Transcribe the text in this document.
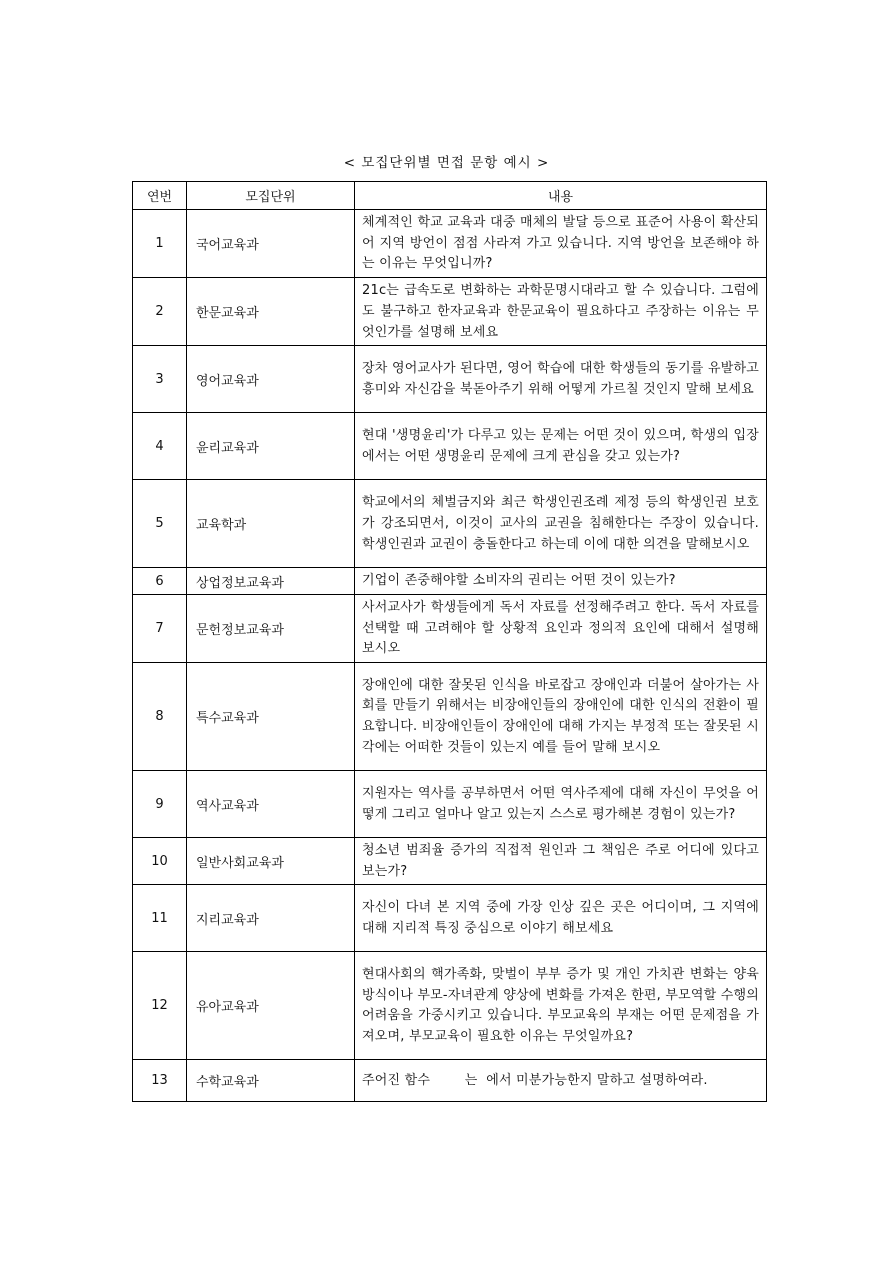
< 모집단위별 면접 문항 예시 >
연번	모집단위	내용
1	국어교육과	체계적인 학교 교육과 대중 매체의 발달 등으로 표준어 사용이 확산되어 지역 방언이 점점 사라져 가고 있습니다. 지역 방언을 보존해야 하는 이유는 무엇입니까?
2	한문교육과	21c는 급속도로 변화하는 과학문명시대라고 할 수 있습니다. 그럼에도 불구하고 한자교육과 한문교육이 필요하다고 주장하는 이유는 무엇인가를 설명해 보세요
3	영어교육과	장차 영어교사가 된다면, 영어 학습에 대한 학생들의 동기를 유발하고 흥미와 자신감을 북돋아주기 위해 어떻게 가르칠 것인지 말해 보세요
4	윤리교육과	현대 '생명윤리'가 다루고 있는 문제는 어떤 것이 있으며, 학생의 입장에서는 어떤 생명윤리 문제에 크게 관심을 갖고 있는가?
5	교육학과	학교에서의 체벌금지와 최근 학생인권조례 제정 등의 학생인권 보호가 강조되면서, 이것이 교사의 교권을 침해한다는 주장이 있습니다. 학생인권과 교권이 충돌한다고 하는데 이에 대한 의견을 말해보시오
6	상업정보교육과	기업이 존중해야할 소비자의 권리는 어떤 것이 있는가?
7	문헌정보교육과	사서교사가 학생들에게 독서 자료를 선정해주려고 한다. 독서 자료를 선택할 때 고려해야 할 상황적 요인과 정의적 요인에 대해서 설명해 보시오
8	특수교육과	장애인에 대한 잘못된 인식을 바로잡고 장애인과 더불어 살아가는 사회를 만들기 위해서는 비장애인들의 장애인에 대한 인식의 전환이 필요합니다. 비장애인들이 장애인에 대해 가지는 부정적 또는 잘못된 시각에는 어떠한 것들이 있는지 예를 들어 말해 보시오
9	역사교육과	지원자는 역사를 공부하면서 어떤 역사주제에 대해 자신이 무엇을 어떻게 그리고 얼마나 알고 있는지 스스로 평가해본 경험이 있는가?
10	일반사회교육과	청소년 범죄율 증가의 직접적 원인과 그 책임은 주로 어디에 있다고 보는가?
11	지리교육과	자신이 다녀 본 지역 중에 가장 인상 깊은 곳은 어디이며, 그 지역에 대해 지리적 특징 중심으로 이야기 해보세요
12	유아교육과	현대사회의 핵가족화, 맞벌이 부부 증가 및 개인 가치관 변화는 양육방식이나 부모-자녀관계 양상에 변화를 가져온 한편, 부모역할 수행의 어려움을 가중시키고 있습니다. 부모교육의 부재는 어떤 문제점을 가져오며, 부모교육이 필요한 이유는 무엇일까요?
13	수학교육과	주어진 함수        는  에서 미분가능한지 말하고 설명하여라.
